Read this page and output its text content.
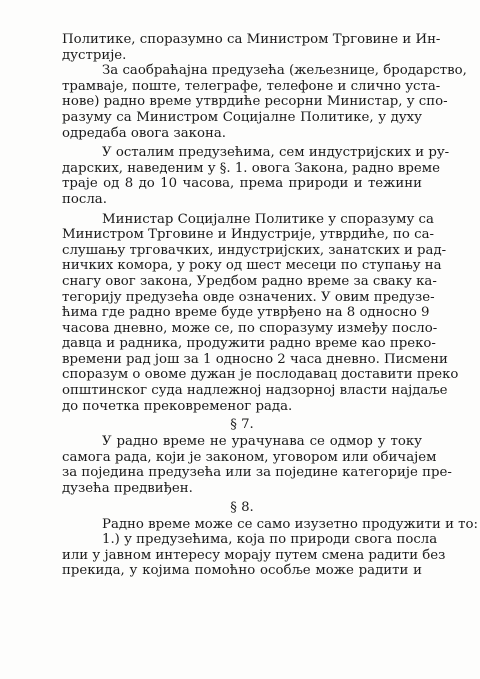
Политике, споразумно са Министром Трговине и Ин-
дустрије.
За саобраћајна предузећа (жељезнице, бродарство,
трамваје, поште, телеграфе, телефоне и слично уста-
нове) радно време утврдиће ресорни Министар, у спо-
разуму са Министром Социјалне Политике, у духу
одредаба овога закона.
У осталим предузећима, сем индустријских и ру-
дарских, наведеним у §. 1. овога Закона, радно време
траје од 8 до 10 часова, према природи и тежини
посла.
Министар Социјалне Политике у споразуму са
Министром Трговине и Индустрије, утврдиће, по са-
слушању трговачких, индустријских, занатских и рад-
ничких комора, у року од шест месеци по ступању на
снагу овог закона, Уредбом радно време за сваку ка-
тегорију предузећа овде означених. У овим предузе-
ћима где радно време буде утврђено на 8 односно 9
часова дневно, може се, по споразуму између посло-
давца и радника, продужити радно време као преко-
времени рад још за 1 односно 2 часа дневно. Писмени
споразум о овоме дужан је послодавац доставити преко
општинског суда надлежној надзорној власти најдаље
до почетка прековременог рада.
§ 7.
У радно време не урачунава се одмор у току
самога рада, који је законом, уговором или обичајем
за поједина предузећа или за поједине категорије пре-
дузећа предвиђен.
§ 8.
Радно време може се само изузетно продужити и то:
1.) у предузећима, која по природи свога посла
или у јавном интересу морају путем смена радити без
прекида, у којима помоћно особље може радити и
